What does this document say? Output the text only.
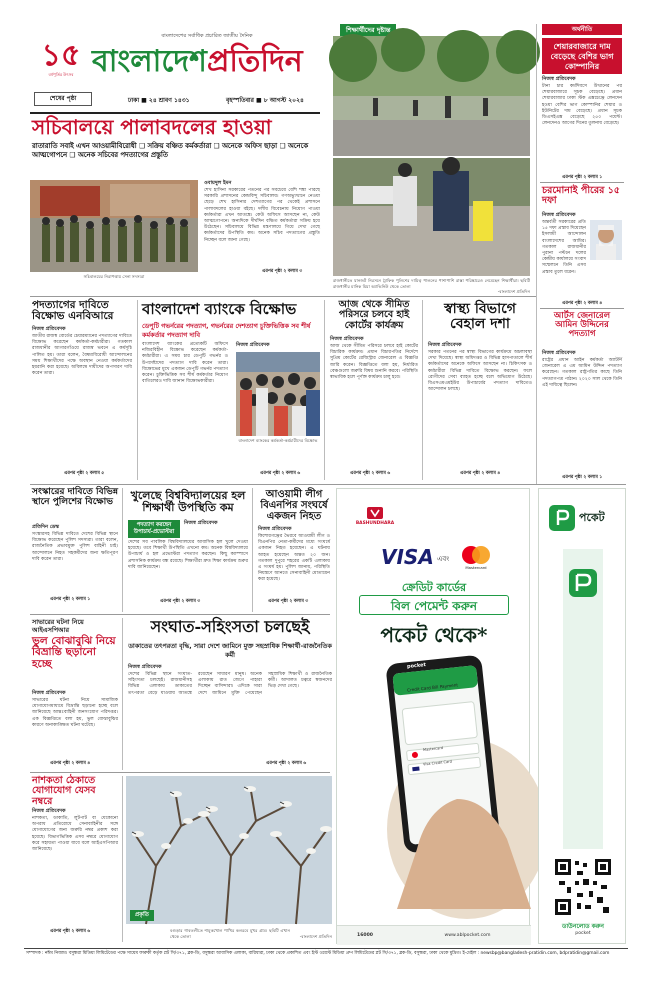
১৫
বর্ষপূর্তির উৎসব
বাংলাদেশের সর্বাধিক প্রচারিত জাতীয় দৈনিক
বাংলাদেশপ্রতিদিন
শেষের পৃষ্ঠা	ঢাকা ■ ২৪ শ্রাবণ ১৪৩১	বৃহস্পতিবার ■ ৮ আগস্ট ২০২৪
সচিবালয়ে পালাবদলের হাওয়া
রাতারাতি সবাই এখন আওয়ামীবিরোধী ❑ সক্রিয় বঞ্চিত কর্মকর্তারা ❑ অনেকে অফিস ছাড়া ❑ অনেকে আত্মগোপনে ❑ অনেক সচিবের পদত্যাগের প্রস্তুতি
সচিবালয়ের নিরাপত্তায় সেনা সদস্যরা
ওবায়দুল ইমন
শেখ হাসিনা সরকারের পতনের পর সবচেয়ে বেশি শঙ্কা পারছে সরকারি প্রশাসনের কেন্দ্রবিন্দু সচিবালয়। গণঅভ্যুত্থানে নেওয়া ছেড়ে শেখ হাসিনার দেশত্যাগের পর থেকেই প্রশাসনে পালাবদলের হাওয়া বইছে। দলীয় বিবেচনায় নিয়োগ পাওয়া কর্মকর্তারা এখন আতঙ্কে। কেউ অফিসে আসছেন না, কেউ আত্মগোপনে। অন্যদিকে দীর্ঘদিন বঞ্চিত কর্মকর্তারা সক্রিয় হয়ে উঠেছেন। সচিবালয়ে বিভিন্ন মন্ত্রণালয়ে গিয়ে দেখা গেছে কর্মকর্তাদের উপস্থিতি কম। অনেক সচিব পদত্যাগের প্রস্তুতি নিচ্ছেন বলে জানা গেছে।
এরপর পৃষ্ঠা ২ কলাম ৩
শিক্ষার্থীদের দৃষ্টান্ত
রাজধানীতে যানজট নিরসনে ট্রাফিক পুলিশের দায়িত্ব পালনের পাশাপাশি রাস্তা পরিষ্কারেও নেমেছেন শিক্ষার্থীরা। ছবিটি রাজধানীর মানিক মিয়া অ্যাভিনিউ থেকে তোলা
-বাংলাদেশ প্রতিদিন
অর্থনীতি
শেয়ারবাজারে দাম বেড়েছে বেশির ভাগ কোম্পানির
নিজস্ব প্রতিবেদক
টানা চার কর্মদিবসে উত্থানের পর শেয়ারবাজারে সূচক বেড়েছে। প্রধান শেয়ারবাজার ঢাকা স্টক এক্সচেঞ্জে লেনদেন হওয়া বেশির ভাগ কোম্পানির শেয়ার ও ইউনিটের দাম বেড়েছে। প্রধান সূচক ডিএসইএক্স বেড়েছে ২৫০ পয়েন্ট। লেনদেনও আগের দিনের তুলনায় বেড়েছে।
এরপর পৃষ্ঠা ২ কলাম ১
চরমোনাই পীরের ১৫ দফা
নিজস্ব প্রতিবেদক
অন্তর্বর্তী সরকারের প্রতি ১৫ দফা প্রস্তাব দিয়েছেন ইসলামী আন্দোলন বাংলাদেশের আমির। গতকাল রাজধানীর পুরানা পল্টনে দলের কেন্দ্রীয় কার্যালয়ে সংবাদ সম্মেলনে তিনি এসব প্রস্তাব তুলে ধরেন।
এরপর পৃষ্ঠা ২ কলাম ৪
আর্টস জেনারেল আমিন উদ্দিনের পদত্যাগ
নিজস্ব প্রতিবেদক
রাষ্ট্রের প্রধান আইন কর্মকর্তা অ্যাটর্নি জেনারেল এ এম আমিন উদ্দিন পদত্যাগ করেছেন। গতকাল রাষ্ট্রপতির কাছে তিনি পদত্যাগপত্র পাঠান। ২০২০ সাল থেকে তিনি এই দায়িত্বে ছিলেন।
এরপর পৃষ্ঠা ২ কলাম ১
পদত্যাগের দাবিতে বিক্ষোভ এনবিআরে
নিজস্ব প্রতিবেদক
জাতীয় রাজস্ব বোর্ডের চেয়ারম্যানের পদত্যাগের দাবিতে বিক্ষোভ করেছেন কর্মকর্তা-কর্মচারীরা। গতকাল রাজধানীর আগারগাঁওয়ে রাজস্ব ভবনে এ কর্মসূচি পালিত হয়। তারা বলেন, বৈষম্যবিরোধী আন্দোলনের সময় শিক্ষার্থীদের পক্ষে অবস্থান নেওয়া কর্মকর্তাদের হয়রানি করা হয়েছে। অবিলম্বে দায়ীদের অপসারণ দাবি করেন তারা।
এরপর পৃষ্ঠা ২ কলাম ৫
বাংলাদেশ ব্যাংকে বিক্ষোভ
ডেপুটি গভর্নরের পদত্যাগ, গভর্নরের দেশত্যাগ চুক্তিভিত্তিক সব শীর্ষ কর্মকর্তার পদত্যাগ দাবি
নিজস্ব প্রতিবেদক
বাংলাদেশ ব্যাংকের প্রত্যেকটি অফিসে নজিরবিহীন বিক্ষোভ করেছেন কর্মকর্তা-কর্মচারীরা। এ সময় চার ডেপুটি গভর্নর ও উপদেষ্টাদের পদত্যাগ দাবি করেন তারা। বিক্ষোভের মুখে একজন ডেপুটি গভর্নর পদত্যাগ করেন। চুক্তিভিত্তিক সব শীর্ষ কর্মকর্তার নিয়োগ বাতিলেরও দাবি জানান বিক্ষোভকারীরা।
বাংলাদেশ ব্যাংকের কর্মকর্তা-কর্মচারীদের বিক্ষোভ
এরপর পৃষ্ঠা ২ কলাম ৬
আজ থেকে সীমিত পরিসরে চলবে হাই কোর্টের কার্যক্রম
নিজস্ব প্রতিবেদক
আজ থেকে সীমিত পরিসরে চলবে হাই কোর্টের বিচারিক কার্যক্রম। প্রধান বিচারপতির নির্দেশে সুপ্রিম কোর্টের রেজিস্ট্রার জেনারেল এ বিজ্ঞপ্তি জারি করেন। বিজ্ঞপ্তিতে বলা হয়, নির্ধারিত বেঞ্চগুলো জরুরি বিষয় শুনানি করবে। পরিস্থিতি স্বাভাবিক হলে পূর্ণাঙ্গ কার্যক্রম চালু হবে।
এরপর পৃষ্ঠা ২ কলাম ৬
স্বাস্থ্য বিভাগে বেহাল দশা
নিজস্ব প্রতিবেদক
সরকার পতনের পর স্বাস্থ্য বিভাগের কার্যক্রমে অচলাবস্থা দেখা দিয়েছে। স্বাস্থ্য অধিদপ্তর ও বিভিন্ন হাসপাতালে শীর্ষ কর্মকর্তাদের অনেকে অফিসে আসছেন না। চিকিৎসক ও কর্মচারীরা বিভিন্ন দাবিতে বিক্ষোভ করছেন। ফলে রোগীদের সেবা ব্যাহত হচ্ছে বলে অভিযোগ উঠেছে। বিএসএমএমইউর উপাচার্যের পদত্যাগ দাবিতেও আন্দোলন চলছে।
এরপর পৃষ্ঠা ২ কলাম ৪
সংস্কারের দাবিতে বিভিন্ন স্থানে পুলিশের বিক্ষোভ
প্রতিদিন ডেস্ক
সংস্কারসহ বিভিন্ন দাবিতে দেশের বিভিন্ন স্থানে বিক্ষোভ করেছেন পুলিশ সদস্যরা। তারা বলেন, রাজনৈতিক প্রভাবমুক্ত পুলিশ বাহিনী চাই। আন্দোলনে নিহত সহকর্মীদের জন্য ক্ষতিপূরণ দাবি করেন তারা।
এরপর পৃষ্ঠা ২ কলাম ১
খুলেছে বিশ্ববিদ্যালয়ের হল শিক্ষার্থী উপস্থিতি কম
পদত্যাগ করছেন উপাচার্য-প্রভোস্টরা
নিজস্ব প্রতিবেদক
দেশের সব পাবলিক বিশ্ববিদ্যালয়ের আবাসিক হল খুলে দেওয়া হয়েছে। তবে শিক্ষার্থী উপস্থিতি এখনো কম। অনেক বিশ্ববিদ্যালয়ে উপাচার্য ও হল প্রভোস্টরা পদত্যাগ করছেন। কিছু ক্যাম্পাসে প্রশাসনিক কার্যক্রম বন্ধ রয়েছে। শিক্ষার্থীরা দ্রুত শিক্ষা কার্যক্রম শুরুর দাবি জানিয়েছেন।
এরপর পৃষ্ঠা ২ কলাম ৩
আওয়ামী লীগ বিএনপির সংঘর্ষে একজন নিহত
নিজস্ব প্রতিবেদক
কিশোরগঞ্জের ভৈরবে আওয়ামী লীগ ও বিএনপির নেতা-কর্মীদের মধ্যে সংঘর্ষে একজন নিহত হয়েছেন। এ ঘটনায় আহত হয়েছেন অন্তত ২০ জন। গতকাল দুপুরে শহরের একটি এলাকায় এ সংঘর্ষ হয়। পুলিশ জানায়, পরিস্থিতি নিয়ন্ত্রণে আনতে সেনাবাহিনী মোতায়েন করা হয়েছে।
এরপর পৃষ্ঠা ২ কলাম ৩
BASHUNDHARA
VISA এবং
Mastercard
ক্রেডিট কার্ডের
বিল পেমেন্ট করুন
পকেট থেকে*
pocket
Credit Card Bill Payment
Mastercard
Visa Credit Card
16000	www.ablpocket.com
পকেট
ডাউনলোড করুন
pocket
সাভারের ঘটনা নিয়ে আইএসপিআর
ভুল বোঝাবুঝি নিয়ে বিভ্রান্তি ছড়ানো হচ্ছে
নিজস্ব প্রতিবেদক
সাভারের ঘটনা নিয়ে সামাজিক যোগাযোগমাধ্যমে বিভ্রান্তি ছড়ানো হচ্ছে বলে জানিয়েছে আন্তঃবাহিনী জনসংযোগ পরিদপ্তর। এক বিজ্ঞপ্তিতে বলা হয়, ভুল বোঝাবুঝির কারণে অনাকাঙ্ক্ষিত ঘটনা ঘটেছে।
এরপর পৃষ্ঠা ২ কলাম ৪
সংঘাত-সহিংসতা চলছেই
ডাকাতের তৎপরতা বৃদ্ধি, সারা দেশে জামিনে মুক্ত সহস্রাধিক শিক্ষার্থী-রাজনৈতিক কর্মী
নিজস্ব প্রতিবেদক
দেশের বিভিন্ন স্থানে সংঘাত-সহিংসতা চলছেই। রাজধানীসহ বিভিন্ন এলাকায় ডাকাতের তৎপরতা বেড়ে যাওয়ায় আতঙ্কে রয়েছেন সাধারণ মানুষ। অনেক এলাকায় রাত জেগে পাহারা দিচ্ছেন বাসিন্দারা। এদিকে সারা দেশে জামিনে মুক্তি পেয়েছেন সহস্রাধিক শিক্ষার্থী ও রাজনৈতিক কর্মী। আদালত চত্বরে স্বজনদের ভিড় দেখা গেছে।
এরপর পৃষ্ঠা ২ কলাম ৬
নাশকতা ঠেকাতে যোগাযোগ যেসব নম্বরে
নিজস্ব প্রতিবেদক
নাশকতা, ডাকাতি, লুটপাট বা যেকোনো অপরাধ প্রতিরোধে সেনাবাহিনীর সঙ্গে যোগাযোগের জন্য জরুরি নম্বর প্রকাশ করা হয়েছে। বিভাগভিত্তিক এসব নম্বরে যোগাযোগ করে সহায়তা পাওয়া যাবে বলে আইএসপিআর জানিয়েছে।
এরপর পৃষ্ঠা ২ কলাম ৬
প্রকৃতি
বগুড়ার গাবতলীতে শামুকখোল পাখির কলরবে মুখর গ্রাম। ছবিটি এখান থেকে তোলা	-বাংলাদেশ প্রতিদিন
সম্পাদক : নঈম নিজাম। বসুন্ধরা মিডিয়া লিমিটেডের পক্ষে সায়েম ফারুকী কর্তৃক প্লট সি/৩৭১, ব্লক-ডি, বসুন্ধরা আবাসিক এলাকা, বারিধারা, ঢাকা থেকে প্রকাশিত এবং ইস্ট ওয়েস্ট মিডিয়া গ্রুপ লিমিটেডের প্লট সি/৩৭১, ব্লক-ডি, বসুন্ধরা, ঢাকা থেকে মুদ্রিত। ই-মেইল : newsbp@bangladesh-pratidin.com, bdpratidin@gmail.com
